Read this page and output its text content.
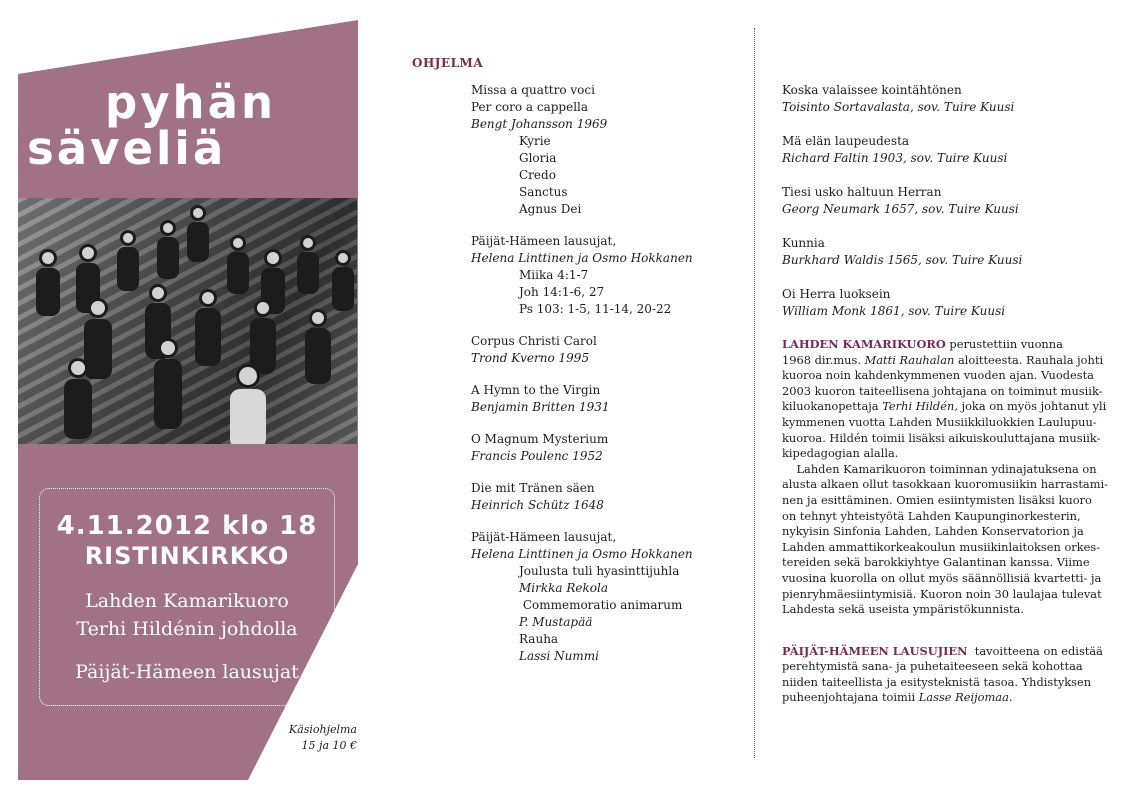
pyhän
säveliä
4.11.2012 klo 18
RISTINKIRKKO
Lahden Kamarikuoro
Terhi Hildénin johdolla
Päijät-Hämeen lausujat
Käsiohjelma
15 ja 10 €
OHJELMA
Missa a quattro voci
Per coro a cappella
Bengt Johansson 1969
Kyrie
Gloria
Credo
Sanctus
Agnus Dei
Päijät-Hämeen lausujat,
Helena Linttinen ja Osmo Hokkanen
Miika 4:1-7
Joh 14:1-6, 27
Ps 103: 1-5, 11-14, 20-22
Corpus Christi Carol
Trond Kverno 1995
A Hymn to the Virgin
Benjamin Britten 1931
O Magnum Mysterium
Francis Poulenc 1952
Die mit Tränen säen
Heinrich Schütz 1648
Päijät-Hämeen lausujat,
Helena Linttinen ja Osmo Hokkanen
Joulusta tuli hyasinttijuhla
Mirkka Rekola
Commemoratio animarum
P. Mustapää
Rauha
Lassi Nummi
Koska valaissee kointähtönen
Toisinto Sortavalasta, sov. Tuire Kuusi
Mä elän laupeudesta
Richard Faltin 1903, sov. Tuire Kuusi
Tiesi usko haltuun Herran
Georg Neumark 1657, sov. Tuire Kuusi
Kunnia
Burkhard Waldis 1565, sov. Tuire Kuusi
Oi Herra luoksein
William Monk 1861, sov. Tuire Kuusi
LAHDEN KAMARIKUORO perustettiin vuonna
1968 dir.mus. Matti Rauhalan aloitteesta. Rauhala johti
kuoroa noin kahdenkymmenen vuoden ajan. Vuodesta
2003 kuoron taiteellisena johtajana on toiminut musiik-
kiluokanopettaja Terhi Hildén, joka on myös johtanut yli
kymmenen vuotta Lahden Musiikkiluokkien Laulupuu-
kuoroa. Hildén toimii lisäksi aikuiskouluttajana musiik-
kipedagogian alalla.
Lahden Kamarikuoron toiminnan ydinajatuksena on
alusta alkaen ollut tasokkaan kuoromusiikin harrastami-
nen ja esittäminen. Omien esiintymisten lisäksi kuoro
on tehnyt yhteistyötä Lahden Kaupunginorkesterin,
nykyisin Sinfonia Lahden, Lahden Konservatorion ja
Lahden ammattikorkeakoulun musiikinlaitoksen orkes-
tereiden sekä barokkiyhtye Galantinan kanssa. Viime
vuosina kuorolla on ollut myös säännöllisiä kvartetti- ja
pienryhmäesiintymisiä. Kuoron noin 30 laulajaa tulevat
Lahdesta sekä useista ympäristökunnista.
PÄIJÄT-HÄMEEN LAUSUJIEN  tavoitteena on edistää
perehtymistä sana- ja puhetaiteeseen sekä kohottaa
niiden taiteellista ja esitysteknistä tasoa. Yhdistyksen
puheenjohtajana toimii Lasse Reijomaa.
